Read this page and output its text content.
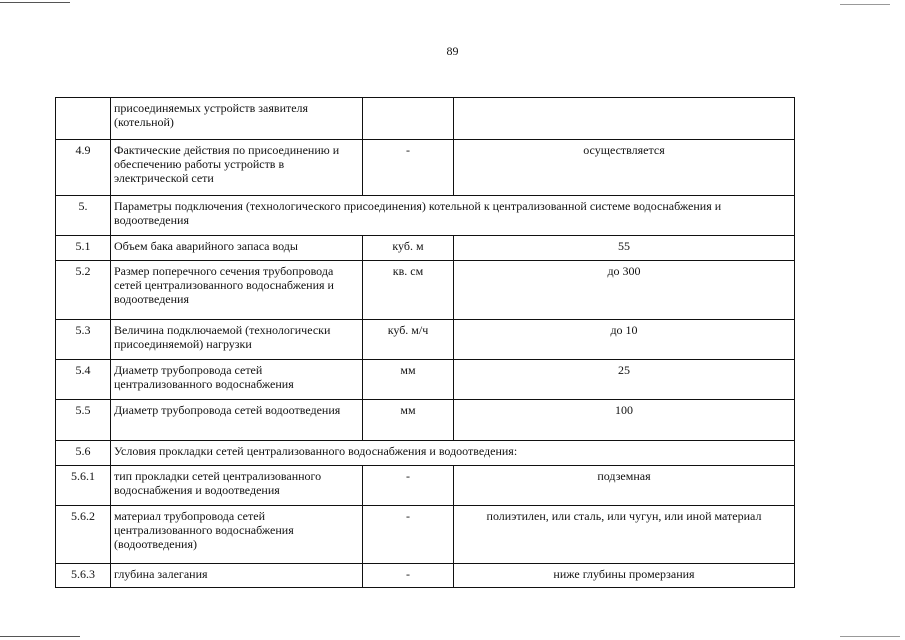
89
	присоединяемых устройств заявителя (котельной)		
4.9	Фактические действия по присоединению и обеспечению работы устройств в электрической сети	-	осуществляется
5.	Параметры подключения (технологического присоединения) котельной к централизованной системе водоснабжения и водоотведения		
5.1	Объем бака аварийного запаса воды	куб. м	55
5.2	Размер поперечного сечения трубопровода сетей централизованного водоснабжения и водоотведения	кв. см	до 300
5.3	Величина подключаемой (технологически присоединяемой) нагрузки	куб. м/ч	до 10
5.4	Диаметр трубопровода сетей централизованного водоснабжения	мм	25
5.5	Диаметр трубопровода сетей водоотведения	мм	100
5.6	Условия прокладки сетей централизованного водоснабжения и водоотведения:		
5.6.1	тип прокладки сетей централизованного водоснабжения и водоотведения	-	подземная
5.6.2	материал трубопровода сетей централизованного водоснабжения (водоотведения)	-	полиэтилен, или сталь, или чугун, или иной материал
5.6.3	глубина залегания	-	ниже глубины промерзания
